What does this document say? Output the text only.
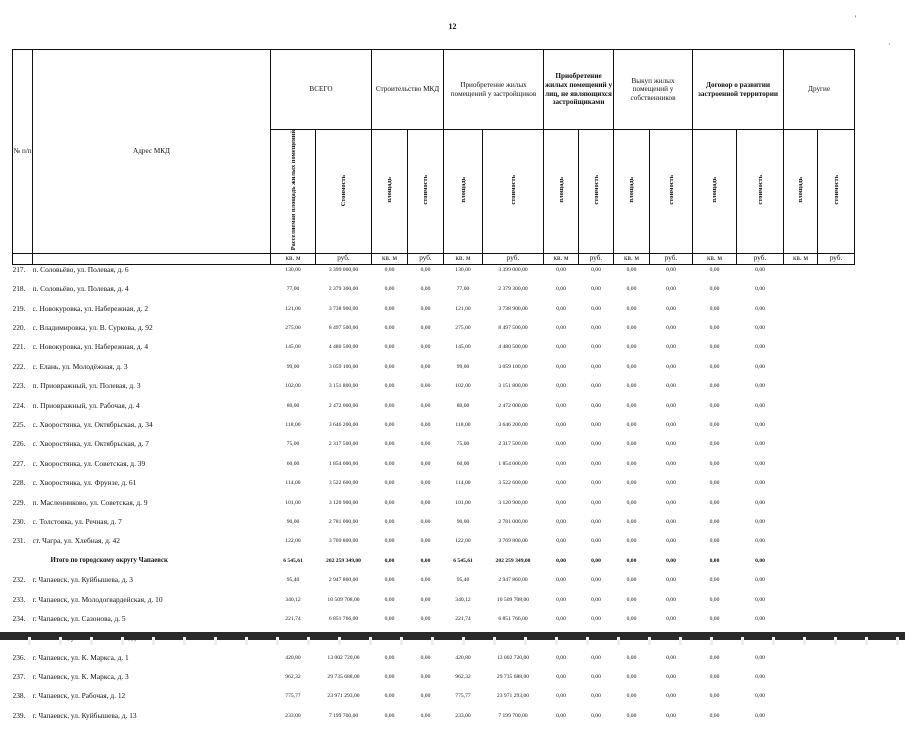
12
'
·
№ п/п	Адрес МКД	ВСЕГО		Строительство МКД		Приобретение жилых помещений у застройщиков		Приобретение жилых помещений у лиц, не являющихся застройщиками		Выкуп жилых помещений у собственников		Договор о развитии застроенной территории		Другие	
		Расселяемая площадь жилых помещений	Стоимость	площадь	стоимость	площадь	стоимость	площадь	стоимость	площадь	стоимость	площадь	стоимость	площадь	стоимость
		кв. м	руб.	кв. м	руб.	кв. м	руб.	кв. м	руб.	кв. м	руб.	кв. м	руб.	кв. м	руб.
217.	п. Соловьёво, ул. Полевая, д. 6	130,00	3 399 000,00	0,00	0,00	130,00	3 399 000,00	0,00	0,00	0,00	0,00	0,00	0,00		
218.	п. Соловьёво, ул. Полевая, д. 4	77,00	2 379 300,00	0,00	0,00	77,00	2 379 300,00	0,00	0,00	0,00	0,00	0,00	0,00		
219.	с. Новокуровка, ул. Набережная, д. 2	121,00	3 738 900,00	0,00	0,00	121,00	3 738 900,00	0,00	0,00	0,00	0,00	0,00	0,00		
220.	с. Владимировка, ул. В. Суркова, д. 92	275,00	8 497 500,00	0,00	0,00	275,00	8 497 500,00	0,00	0,00	0,00	0,00	0,00	0,00		
221.	с. Новокуровка, ул. Набережная, д. 4	145,00	4 480 500,00	0,00	0,00	145,00	4 480 500,00	0,00	0,00	0,00	0,00	0,00	0,00		
222.	с. Елань, ул. Молодёжная, д. 3	99,00	3 059 100,00	0,00	0,00	99,00	3 059 100,00	0,00	0,00	0,00	0,00	0,00	0,00		
223.	п. Приовражный, ул. Полевая, д. 3	102,00	3 151 800,00	0,00	0,00	102,00	3 151 800,00	0,00	0,00	0,00	0,00	0,00	0,00		
224.	п. Приовражный, ул. Рабочая, д. 4	80,00	2 472 000,00	0,00	0,00	80,00	2 472 000,00	0,00	0,00	0,00	0,00	0,00	0,00		
225.	с. Хворостянка, ул. Октябрьская, д. 34	118,00	3 646 200,00	0,00	0,00	118,00	3 646 200,00	0,00	0,00	0,00	0,00	0,00	0,00		
226.	с. Хворостянка, ул. Октябрьская, д. 7	75,00	2 317 500,00	0,00	0,00	75,00	2 317 500,00	0,00	0,00	0,00	0,00	0,00	0,00		
227.	с. Хворостянка, ул. Советская, д. 39	60,00	1 854 000,00	0,00	0,00	60,00	1 854 000,00	0,00	0,00	0,00	0,00	0,00	0,00		
228.	с. Хворостянка, ул. Фрунзе, д. 61	114,00	3 522 600,00	0,00	0,00	114,00	3 522 600,00	0,00	0,00	0,00	0,00	0,00	0,00		
229.	п. Масленниково, ул. Советская, д. 9	101,00	3 120 900,00	0,00	0,00	101,00	3 120 900,00	0,00	0,00	0,00	0,00	0,00	0,00		
230.	с. Толстовка, ул. Речная, д. 7	90,00	2 781 000,00	0,00	0,00	90,00	2 781 000,00	0,00	0,00	0,00	0,00	0,00	0,00		
231.	ст. Чагра, ул. Хлебная, д. 42	122,00	3 769 800,00	0,00	0,00	122,00	3 769 800,00	0,00	0,00	0,00	0,00	0,00	0,00		
	Итого по городскому округу Чапаевск	6 545,61	202 259 349,00	0,00	0,00	6 545,61	202 259 349,00	0,00	0,00	0,00	0,00	0,00	0,00		
232.	г. Чапаевск, ул. Куйбышева, д. 3	95,40	2 947 860,00	0,00	0,00	95,40	2 947 860,00	0,00	0,00	0,00	0,00	0,00	0,00		
233.	г. Чапаевск, ул. Молодогвардейская, д. 10	340,12	10 509 708,00	0,00	0,00	340,12	10 509 708,00	0,00	0,00	0,00	0,00	0,00	0,00		
234.	г. Чапаевск, ул. Сазонова, д. 5	221,74	6 851 766,00	0,00	0,00	221,74	6 851 766,00	0,00	0,00	0,00	0,00	0,00	0,00		

236.	г. Чапаевск, ул. К. Маркса, д. 1	420,80	13 002 720,00	0,00	0,00	420,80	13 002 720,00	0,00	0,00	0,00	0,00	0,00	0,00		
237.	г. Чапаевск, ул. К. Маркса, д. 3	962,32	29 735 688,00	0,00	0,00	962,32	29 735 688,00	0,00	0,00	0,00	0,00	0,00	0,00		
238.	г. Чапаевск, ул. Рабочая, д. 12	775,77	23 971 293,00	0,00	0,00	775,77	23 971 293,00	0,00	0,00	0,00	0,00	0,00	0,00		
239.	г. Чапаевск, ул. Куйбышева, д. 13	233,00	7 199 700,00	0,00	0,00	233,00	7 199 700,00	0,00	0,00	0,00	0,00	0,00	0,00		
